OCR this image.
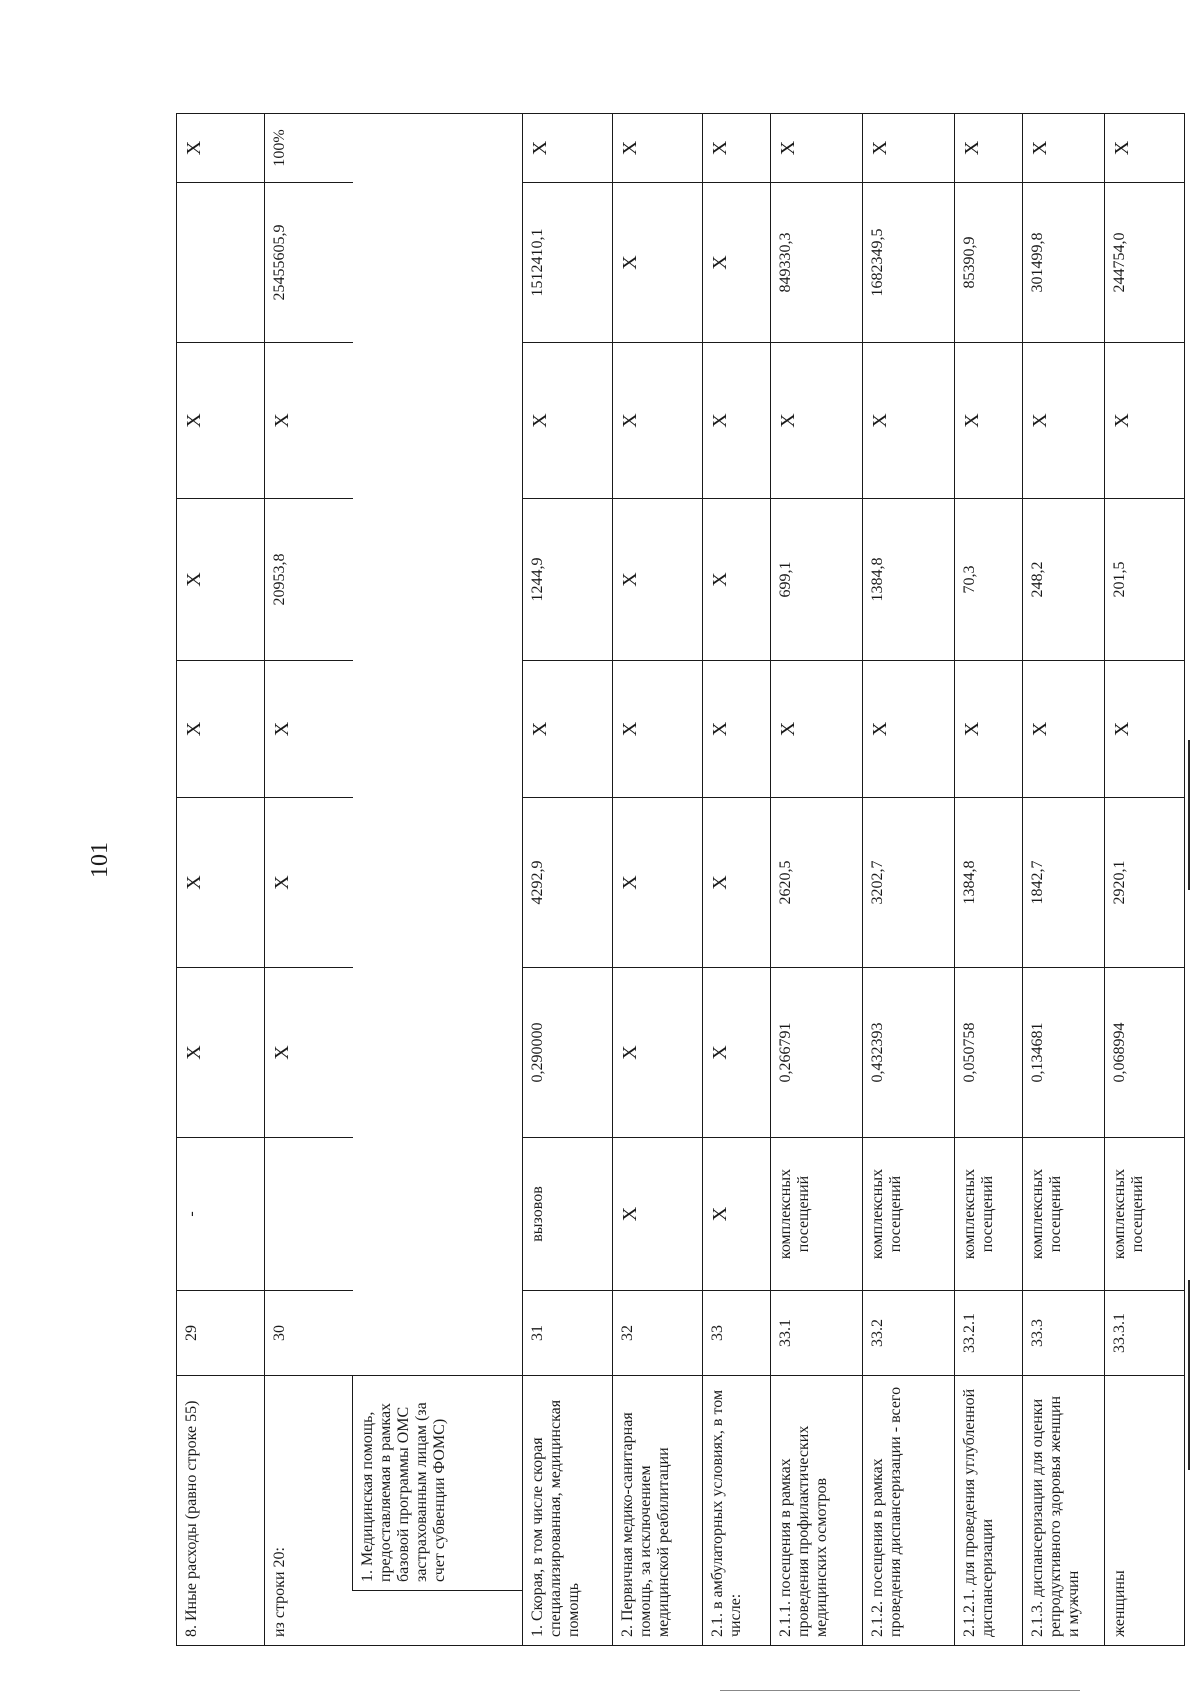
101
8. Иные расходы (равно строке 55)		29	-	X	X	X	X	X		X
из строки 20:		30		X	X	X	20953,8	X	25455605,9	100%
	1. Медицинская помощь, предоставляемая в рамках базовой программы ОМС застрахованным лицам (за счет субвенции ФОМС)									
1. Скорая, в том числе скорая специализированная, медицинская помощь		31	вызовов	0,290000	4292,9	X	1244,9	X	1512410,1	X
2. Первичная медико-санитарная помощь, за исключением медицинской реабилитации		32	X	X	X	X	X	X	X	X
2.1. в амбулаторных условиях, в том числе:		33	X	X	X	X	X	X	X	X
2.1.1. посещения в рамках проведения профилактических медицинских осмотров		33.1	комплексных посещений	0,266791	2620,5	X	699,1	X	849330,3	X
2.1.2. посещения в рамках проведения диспансеризации - всего		33.2	комплексных посещений	0,432393	3202,7	X	1384,8	X	1682349,5	X
2.1.2.1. для проведения углубленной диспансеризации		33.2.1	комплексных посещений	0,050758	1384,8	X	70,3	X	85390,9	X
2.1.3. диспансеризации для оценки репродуктивного здоровья женщин и мужчин		33.3	комплексных посещений	0,134681	1842,7	X	248,2	X	301499,8	X
женщины		33.3.1	комплексных посещений	0,068994	2920,1	X	201,5	X	244754,0	X
